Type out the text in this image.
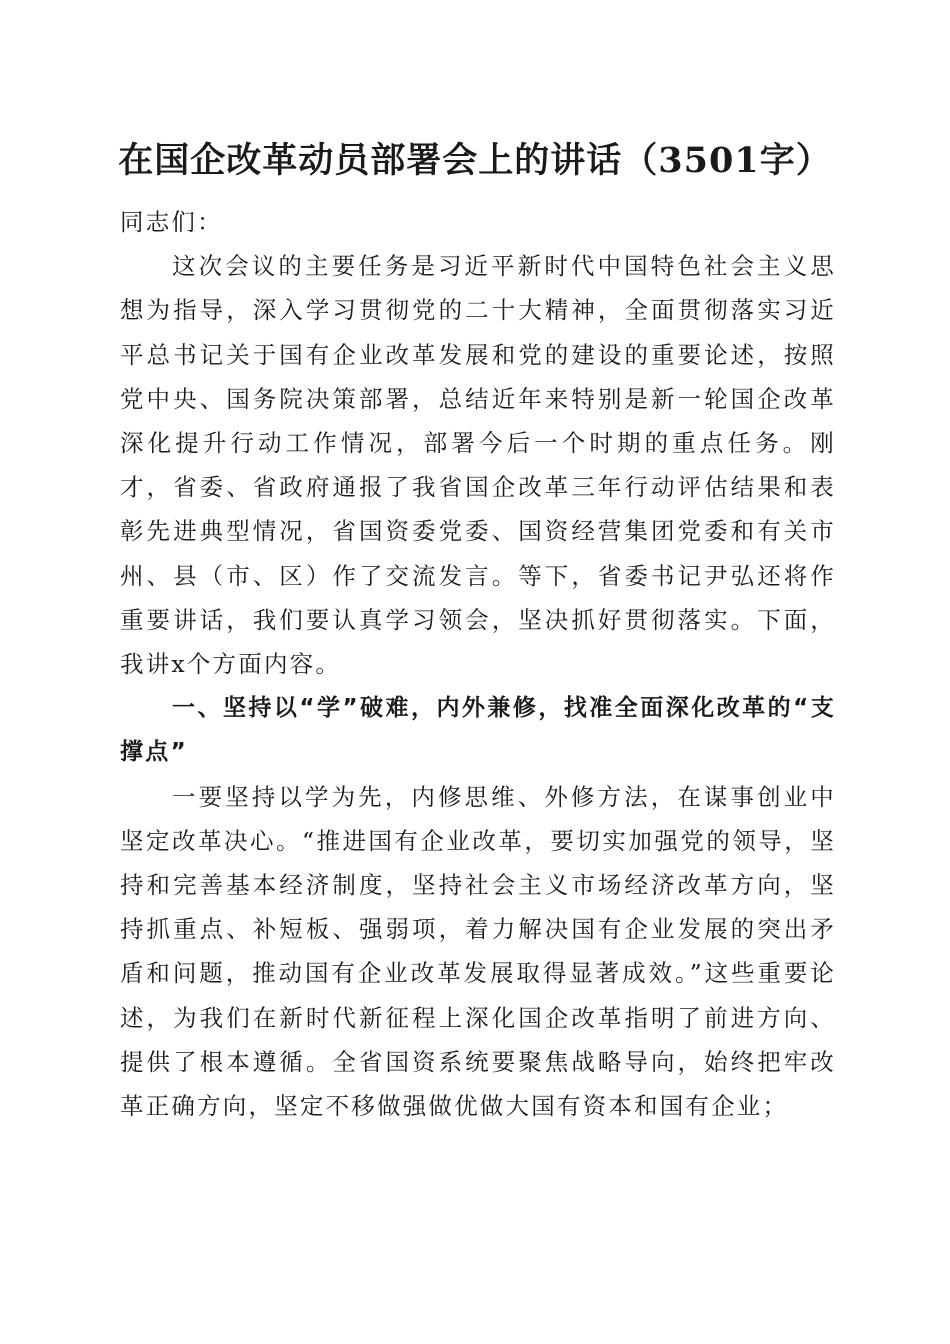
在国企改革动员部署会上的讲话（3501字）

同志们：

这次会议的主要任务是习近平新时代中国特色社会主义思想为指导，深入学习贯彻党的二十大精神，全面贯彻落实习近平总书记关于国有企业改革发展和党的建设的重要论述，按照党中央、国务院决策部署，总结近年来特别是新一轮国企改革深化提升行动工作情况，部署今后一个时期的重点任务。刚才，省委、省政府通报了我省国企改革三年行动评估结果和表彰先进典型情况，省国资委党委、国资经营集团党委和有关市州、县（市、区）作了交流发言。等下，省委书记尹弘还将作重要讲话，我们要认真学习领会，坚决抓好贯彻落实。下面，我讲x个方面内容。

一、坚持以“学”破难，内外兼修，找准全面深化改革的“支撑点”

一要坚持以学为先，内修思维、外修方法，在谋事创业中坚定改革决心。“推进国有企业改革，要切实加强党的领导，坚持和完善基本经济制度，坚持社会主义市场经济改革方向，坚持抓重点、补短板、强弱项，着力解决国有企业发展的突出矛盾和问题，推动国有企业改革发展取得显著成效。”这些重要论述，为我们在新时代新征程上深化国企改革指明了前进方向、提供了根本遵循。全省国资系统要聚焦战略导向，始终把牢改革正确方向，坚定不移做强做优做大国有资本和国有企业；
